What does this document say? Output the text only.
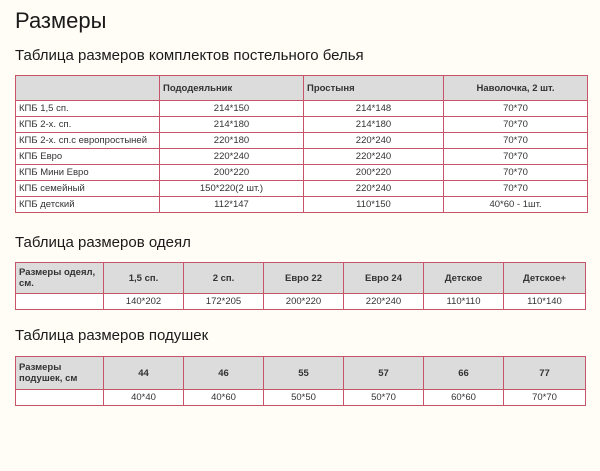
Размеры
Таблица размеров комплектов постельного белья
	Пододеяльник	Простыня	Наволочка, 2 шт.
КПБ 1,5 сп.	214*150	214*148	70*70
КПБ 2-х. сп.	214*180	214*180	70*70
КПБ 2-х. сп.с европростыней	220*180	220*240	70*70
КПБ Евро	220*240	220*240	70*70
КПБ Мини Евро	200*220	200*220	70*70
КПБ семейный	150*220(2 шт.)	220*240	70*70
КПБ детский	112*147	110*150	40*60 - 1шт.
Таблица размеров одеял
Размеры одеял, см.	1,5 сп.	2 сп.	Евро 22	Евро 24	Детское	Детское+
	140*202	172*205	200*220	220*240	110*110	110*140
Таблица размеров подушек
Размеры подушек, см	44	46	55	57	66	77
	40*40	40*60	50*50	50*70	60*60	70*70
